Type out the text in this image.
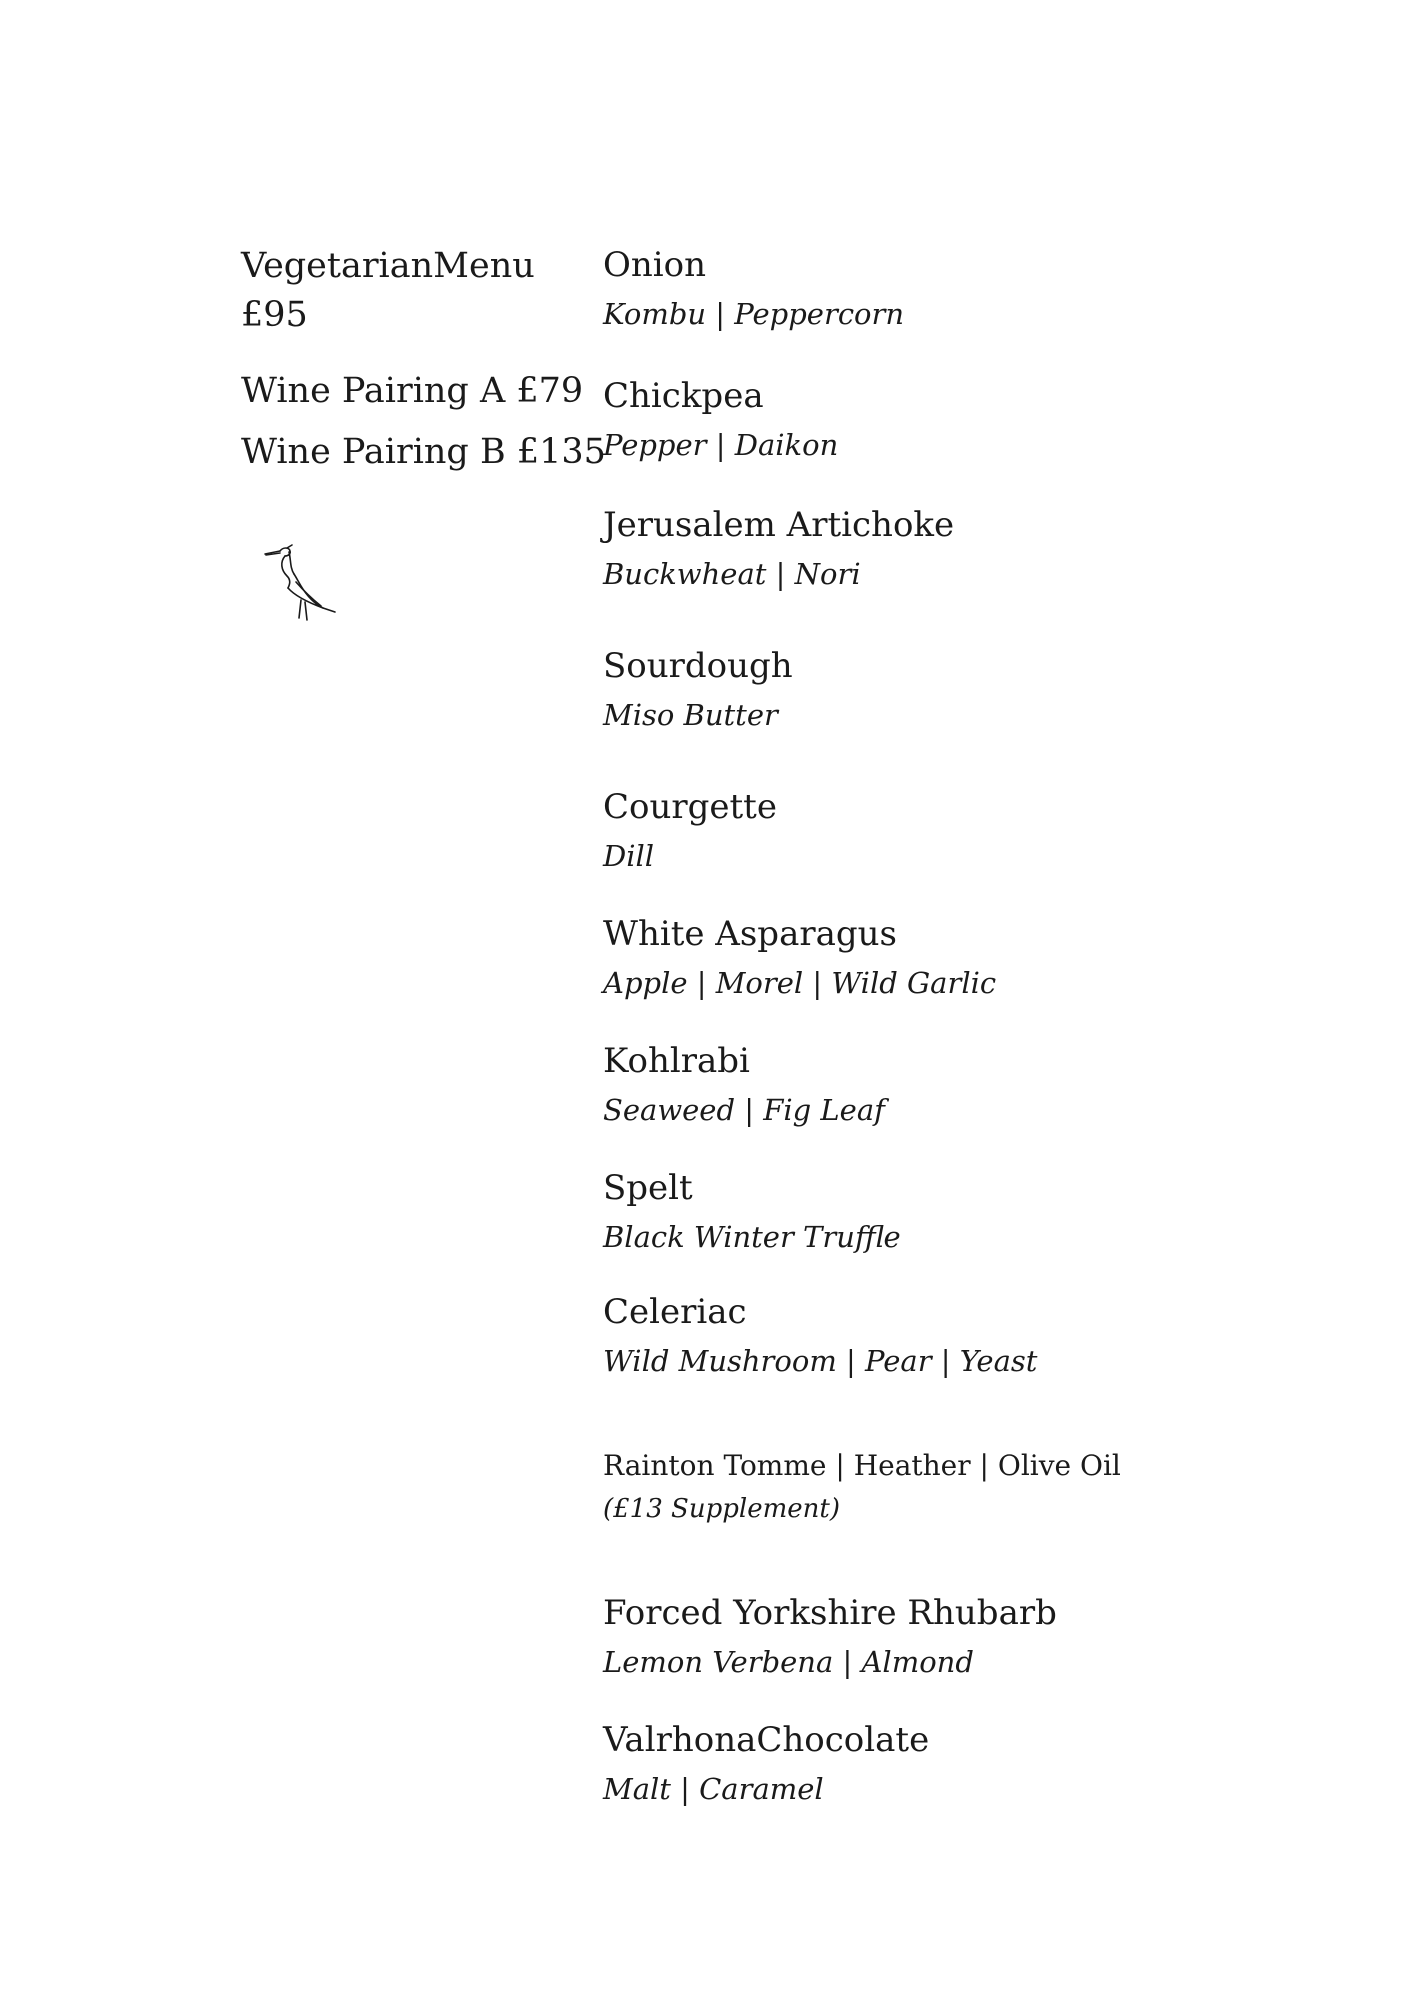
VegetarianMenu
£95
Wine Pairing A £79
Wine Pairing B £135
Onion
Kombu | Peppercorn
Chickpea
Pepper | Daikon
Jerusalem Artichoke
Buckwheat | Nori
Sourdough
Miso Butter
Courgette
Dill
White Asparagus
Apple | Morel | Wild Garlic
Kohlrabi
Seaweed | Fig Leaf
Spelt
Black Winter Truffle
Celeriac
Wild Mushroom | Pear | Yeast
Rainton Tomme | Heather | Olive Oil
(£13 Supplement)
Forced Yorkshire Rhubarb
Lemon Verbena | Almond
ValrhonaChocolate
Malt | Caramel
